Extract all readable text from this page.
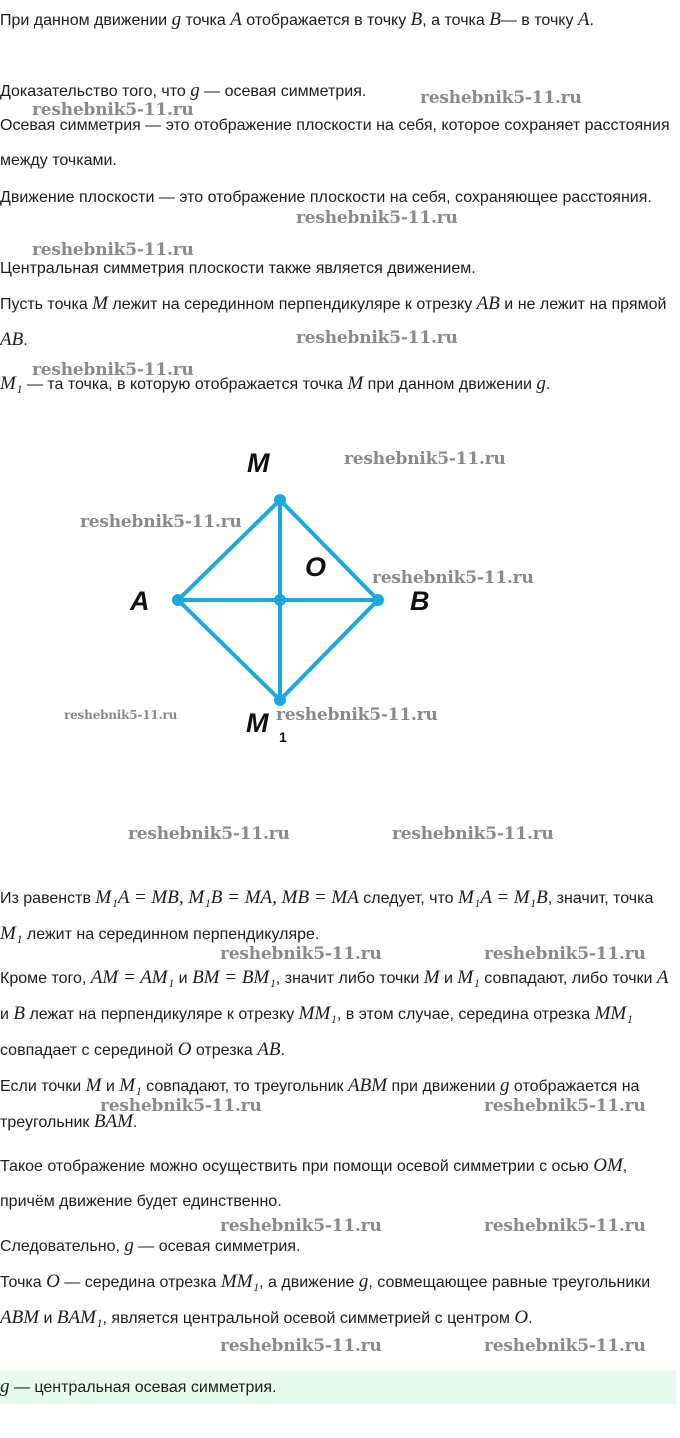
При данном движении g точка A отображается в точку B, а точка B— в точку A.

Доказательство того, что g — осевая симметрия.

Осевая симметрия — это отображение плоскости на себя, которое сохраняет расстояния между точками.

Движение плоскости — это отображение плоскости на себя, сохраняющее расстояния.

Центральная симметрия плоскости также является движением.

Пусть точка M лежит на серединном перпендикуляре к отрезку AB и не лежит на прямой AB.

M₁ — та точка, в которую отображается точка M при данном движении g.

M
A	B
O
M 1

Из равенств M₁A = MB, M₁B = MA, MB = MA следует, что M₁A = M₁B, значит, точка M₁ лежит на серединном перпендикуляре.

Кроме того, AM = AM₁ и BM = BM₁, значит либо точки M и M₁ совпадают, либо точки A и B лежат на перпендикуляре к отрезку MM₁, в этом случае, середина отрезка MM₁ совпадает с серединой O отрезка AB.

Если точки M и M₁ совпадают, то треугольник ABM при движении g отображается на треугольник BAM.

Такое отображение можно осуществить при помощи осевой симметрии с осью OM, причём движение будет единственно.

Следовательно, g — осевая симметрия.

Точка O — середина отрезка MM₁, а движение g, совмещающее равные треугольники ABM и BAM₁, является центральной осевой симметрией с центром O.

g — центральная осевая симметрия.

reshebnik5-11.ru
reshebnik5-11.ru
reshebnik5-11.ru
reshebnik5-11.ru
reshebnik5-11.ru
reshebnik5-11.ru
reshebnik5-11.ru
reshebnik5-11.ru
reshebnik5-11.ru
reshebnik5-11.ru	reshebnik5-11.ru
reshebnik5-11.ru	reshebnik5-11.ru
reshebnik5-11.ru	reshebnik5-11.ru
reshebnik5-11.ru	reshebnik5-11.ru
reshebnik5-11.ru	reshebnik5-11.ru
reshebnik5-11.ru	reshebnik5-11.ru
